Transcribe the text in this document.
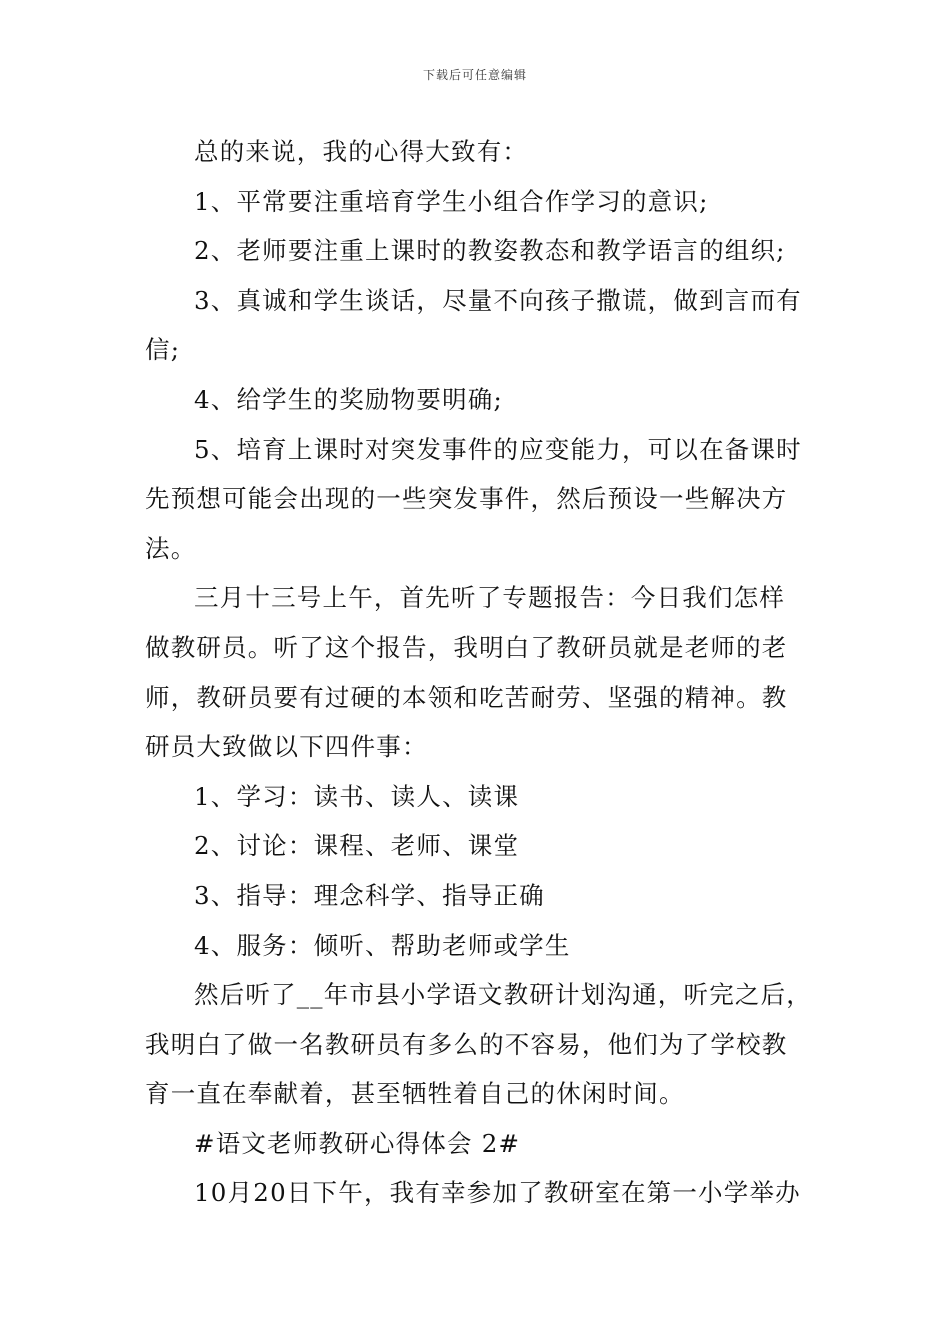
下载后可任意编辑
总的来说，我的心得大致有：
1、平常要注重培育学生小组合作学习的意识;
2、老师要注重上课时的教姿教态和教学语言的组织;
3、真诚和学生谈话，尽量不向孩子撒谎，做到言而有
信;
4、给学生的奖励物要明确;
5、培育上课时对突发事件的应变能力，可以在备课时
先预想可能会出现的一些突发事件，然后预设一些解决方
法。
三月十三号上午，首先听了专题报告：今日我们怎样
做教研员。听了这个报告，我明白了教研员就是老师的老
师，教研员要有过硬的本领和吃苦耐劳、坚强的精神。教
研员大致做以下四件事：
1、学习：读书、读人、读课
2、讨论：课程、老师、课堂
3、指导：理念科学、指导正确
4、服务：倾听、帮助老师或学生
然后听了__年市县小学语文教研计划沟通，听完之后，
我明白了做一名教研员有多么的不容易，他们为了学校教
育一直在奉献着，甚至牺牲着自己的休闲时间。
#语文老师教研心得体会 2#
10月20日下午，我有幸参加了教研室在第一小学举办
